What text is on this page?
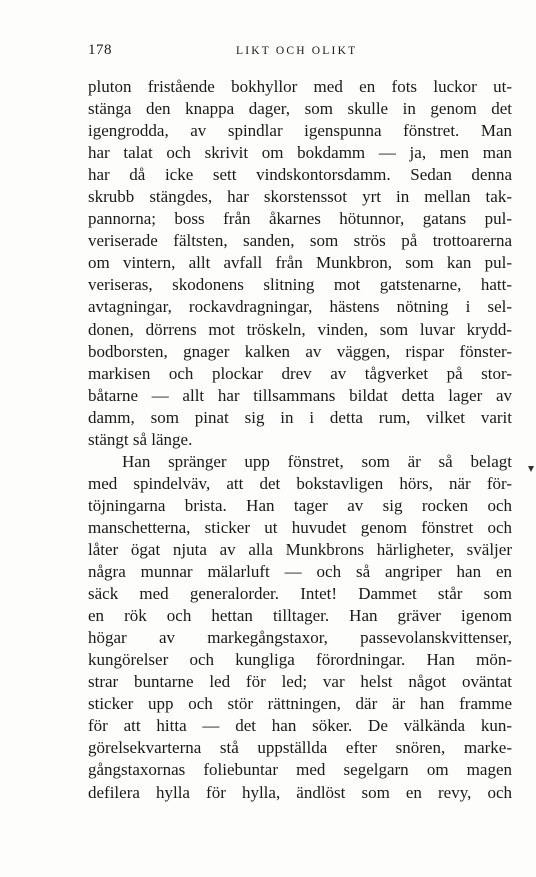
178	LIKT OCH OLIKT
pluton fristående bokhyllor med en fots luckor ut-
stänga den knappa dager, som skulle in genom det
igengrodda, av spindlar igenspunna fönstret. Man
har talat och skrivit om bokdamm — ja, men man
har då icke sett vindskontorsdamm. Sedan denna
skrubb stängdes, har skorstenssot yrt in mellan tak-
pannorna; boss från åkarnes hötunnor, gatans pul-
veriserade fältsten, sanden, som strös på trottoarerna
om vintern, allt avfall från Munkbron, som kan pul-
veriseras, skodonens slitning mot gatstenarne, hatt-
avtagningar, rockavdragningar, hästens nötning i sel-
donen, dörrens mot tröskeln, vinden, som luvar krydd-
bodborsten, gnager kalken av väggen, rispar fönster-
markisen och plockar drev av tågverket på stor-
båtarne — allt har tillsammans bildat detta lager av
damm, som pinat sig in i detta rum, vilket varit
stängt så länge.
Han spränger upp fönstret, som är så belagt
med spindelväv, att det bokstavligen hörs, när för-
töjningarna brista. Han tager av sig rocken och
manschetterna, sticker ut huvudet genom fönstret och
låter ögat njuta av alla Munkbrons härligheter, sväljer
några munnar mälarluft — och så angriper han en
säck med generalorder. Intet! Dammet står som
en rök och hettan tilltager. Han gräver igenom
högar av markegångstaxor, passevolanskvittenser,
kungörelser och kungliga förordningar. Han mön-
strar buntarne led för led; var helst något oväntat
sticker upp och stör rättningen, där är han framme
för att hitta — det han söker. De välkända kun-
görelsekvarterna stå uppställda efter snören, marke-
gångstaxornas foliebuntar med segelgarn om magen
defilera hylla för hylla, ändlöst som en revy, och
